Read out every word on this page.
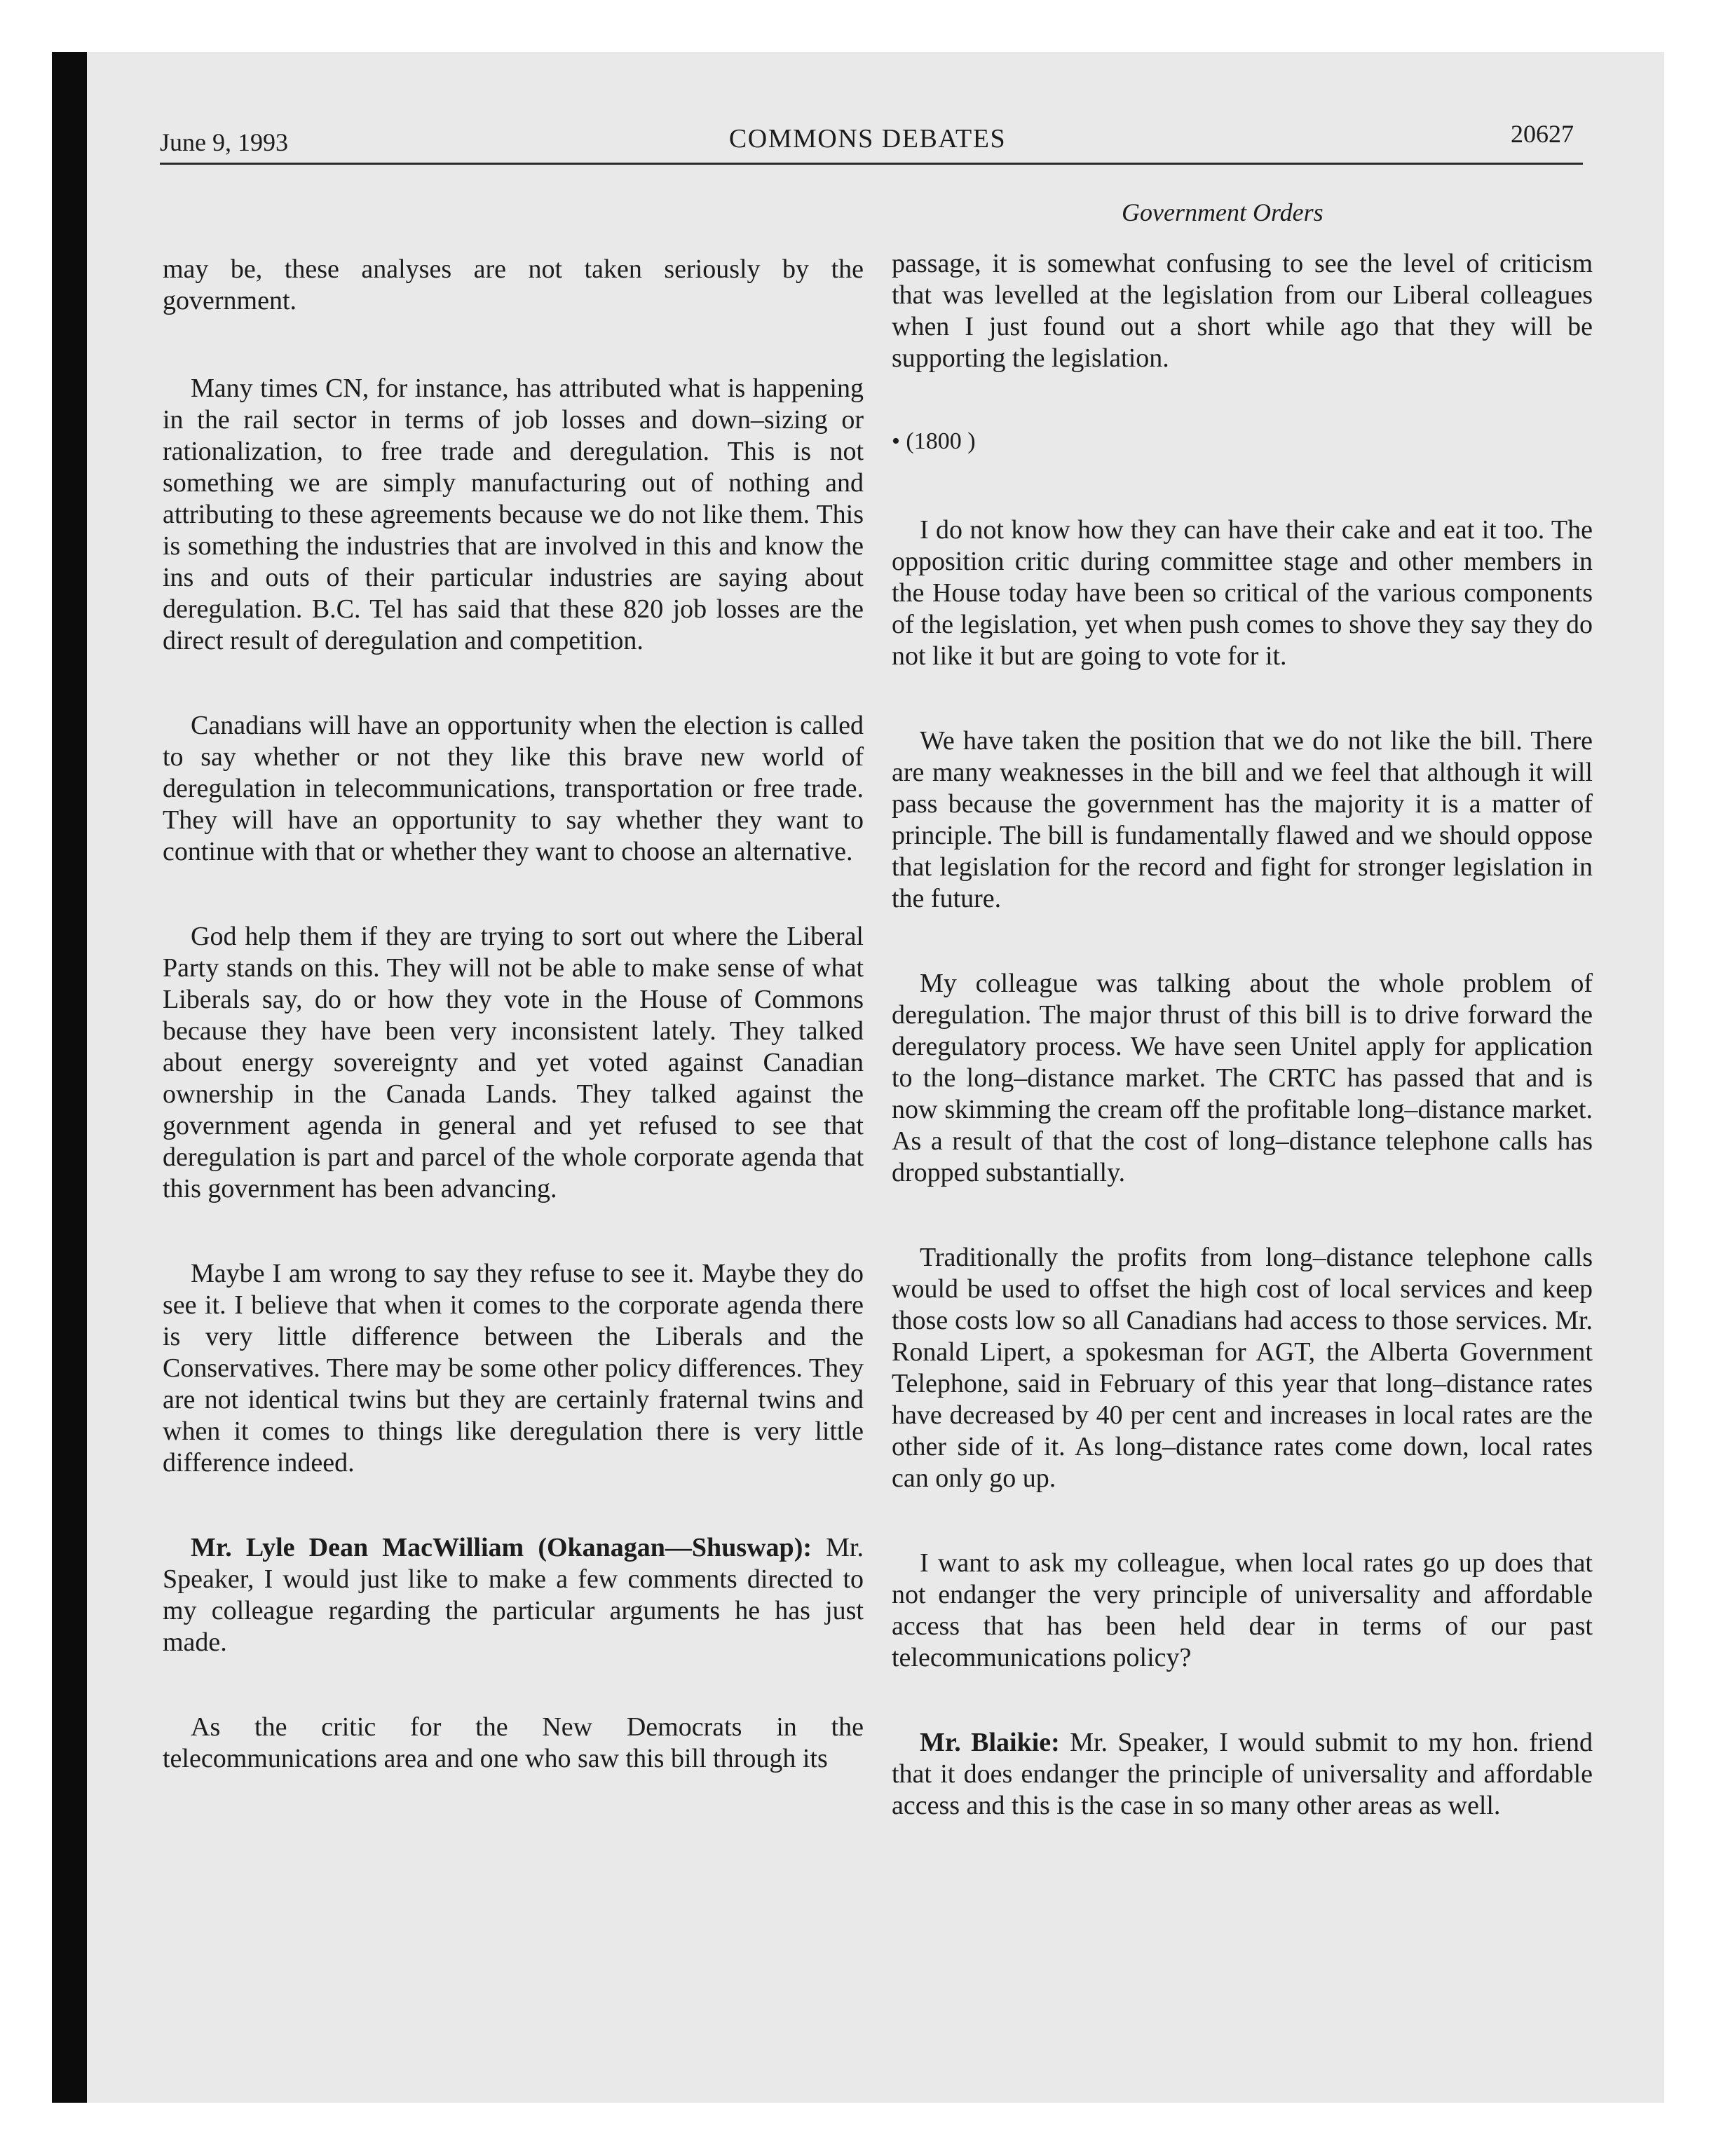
June 9, 1993	COMMONS DEBATES	20627
Government Orders

may be, these analyses are not taken seriously by the government.

Many times CN, for instance, has attributed what is happening in the rail sector in terms of job losses and down–sizing or rationalization, to free trade and deregulation. This is not something we are simply manufacturing out of nothing and attributing to these agreements because we do not like them. This is something the industries that are involved in this and know the ins and outs of their particular industries are saying about deregulation. B.C. Tel has said that these 820 job losses are the direct result of deregulation and competition.

Canadians will have an opportunity when the election is called to say whether or not they like this brave new world of deregulation in telecommunications, transportation or free trade. They will have an opportunity to say whether they want to continue with that or whether they want to choose an alternative.

God help them if they are trying to sort out where the Liberal Party stands on this. They will not be able to make sense of what Liberals say, do or how they vote in the House of Commons because they have been very inconsistent lately. They talked about energy sovereignty and yet voted against Canadian ownership in the Canada Lands. They talked against the government agenda in general and yet refused to see that deregulation is part and parcel of the whole corporate agenda that this government has been advancing.

Maybe I am wrong to say they refuse to see it. Maybe they do see it. I believe that when it comes to the corporate agenda there is very little difference between the Liberals and the Conservatives. There may be some other policy differences. They are not identical twins but they are certainly fraternal twins and when it comes to things like deregulation there is very little difference indeed.

Mr. Lyle Dean MacWilliam (Okanagan—Shuswap): Mr. Speaker, I would just like to make a few comments directed to my colleague regarding the particular arguments he has just made.

As the critic for the New Democrats in the telecommunications area and one who saw this bill through its

passage, it is somewhat confusing to see the level of criticism that was levelled at the legislation from our Liberal colleagues when I just found out a short while ago that they will be supporting the legislation.

• (1800 )

I do not know how they can have their cake and eat it too. The opposition critic during committee stage and other members in the House today have been so critical of the various components of the legislation, yet when push comes to shove they say they do not like it but are going to vote for it.

We have taken the position that we do not like the bill. There are many weaknesses in the bill and we feel that although it will pass because the government has the majority it is a matter of principle. The bill is fundamentally flawed and we should oppose that legislation for the record and fight for stronger legislation in the future.

My colleague was talking about the whole problem of deregulation. The major thrust of this bill is to drive forward the deregulatory process. We have seen Unitel apply for application to the long–distance market. The CRTC has passed that and is now skimming the cream off the profitable long–distance market. As a result of that the cost of long–distance telephone calls has dropped substantially.

Traditionally the profits from long–distance telephone calls would be used to offset the high cost of local services and keep those costs low so all Canadians had access to those services. Mr. Ronald Lipert, a spokesman for AGT, the Alberta Government Telephone, said in February of this year that long–distance rates have decreased by 40 per cent and increases in local rates are the other side of it. As long–distance rates come down, local rates can only go up.

I want to ask my colleague, when local rates go up does that not endanger the very principle of universality and affordable access that has been held dear in terms of our past telecommunications policy?

Mr. Blaikie: Mr. Speaker, I would submit to my hon. friend that it does endanger the principle of universality and affordable access and this is the case in so many other areas as well.
